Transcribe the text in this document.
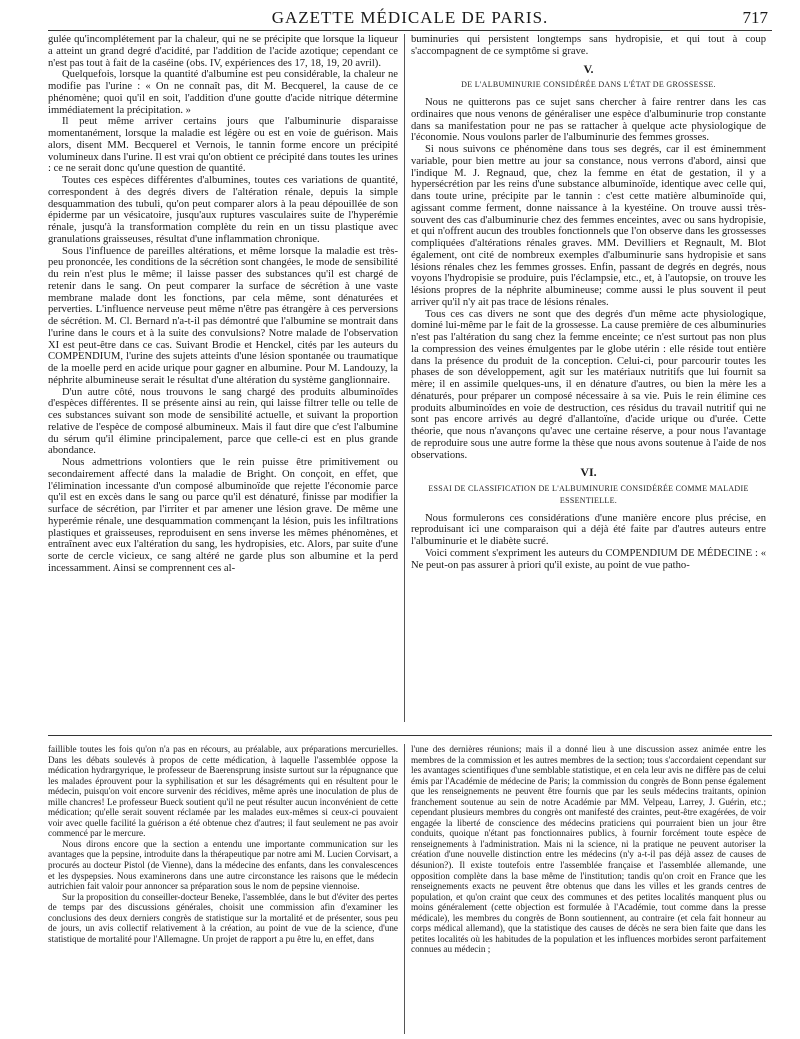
GAZETTE MÉDICALE DE PARIS.	717

gulée qu'incomplétement par la chaleur, qui ne se précipite que lorsque la liqueur a atteint un grand degré d'acidité, par l'addition de l'acide azotique; cependant ce n'est pas tout à fait de la caséine (obs. IV, expériences des 17, 18, 19, 20 avril).

Quelquefois, lorsque la quantité d'albumine est peu considérable, la chaleur ne modifie pas l'urine : « On ne connaît pas, dit M. Becquerel, la cause de ce phénomène; quoi qu'il en soit, l'addition d'une goutte d'acide nitrique détermine immédiatement la précipitation. »

Il peut même arriver certains jours que l'albuminurie disparaisse momentanément, lorsque la maladie est légère ou est en voie de guérison. Mais alors, disent MM. Becquerel et Vernois, le tannin forme encore un précipité volumineux dans l'urine. Il est vrai qu'on obtient ce précipité dans toutes les urines : ce ne serait donc qu'une question de quantité.

Toutes ces espèces différentes d'albumines, toutes ces variations de quantité, correspondent à des degrés divers de l'altération rénale, depuis la simple desquammation des tubuli, qu'on peut comparer alors à la peau dépouillée de son épiderme par un vésicatoire, jusqu'aux ruptures vasculaires suite de l'hyperémie rénale, jusqu'à la transformation complète du rein en un tissu plastique avec granulations graisseuses, résultat d'une inflammation chronique.

Sous l'influence de pareilles altérations, et même lorsque la maladie est très-peu prononcée, les conditions de la sécrétion sont changées, le mode de sensibilité du rein n'est plus le même; il laisse passer des substances qu'il est chargé de retenir dans le sang. On peut comparer la surface de sécrétion à une vaste membrane malade dont les fonctions, par cela même, sont dénaturées et perverties. L'influence nerveuse peut même n'être pas étrangère à ces perversions de sécrétion. M. Cl. Bernard n'a-t-il pas démontré que l'albumine se montrait dans l'urine dans le cours et à la suite des convulsions? Notre malade de l'observation XI est peut-être dans ce cas. Suivant Brodie et Henckel, cités par les auteurs du COMPENDIUM, l'urine des sujets atteints d'une lésion spontanée ou traumatique de la moelle perd en acide urique pour gagner en albumine. Pour M. Landouzy, la néphrite albumineuse serait le résultat d'une altération du système ganglionnaire.

D'un autre côté, nous trouvons le sang chargé des produits albuminoïdes d'espèces différentes. Il se présente ainsi au rein, qui laisse filtrer telle ou telle de ces substances suivant son mode de sensibilité actuelle, et suivant la proportion relative de l'espèce de composé albumineux. Mais il faut dire que c'est l'albumine du sérum qu'il élimine principalement, parce que celle-ci est en plus grande abondance.

Nous admettrions volontiers que le rein puisse être primitivement ou secondairement affecté dans la maladie de Bright. On conçoit, en effet, que l'élimination incessante d'un composé albuminoïde que rejette l'économie parce qu'il est en excès dans le sang ou parce qu'il est dénaturé, finisse par modifier la surface de sécrétion, par l'irriter et par amener une lésion grave. De même une hyperémie rénale, une desquammation commençant la lésion, puis les infiltrations plastiques et graisseuses, reproduisent en sens inverse les mêmes phénomènes, et entraînent avec eux l'altération du sang, les hydropisies, etc. Alors, par suite d'une sorte de cercle vicieux, ce sang altéré ne garde plus son albumine et la perd incessamment. Ainsi se comprennent ces al-

buminuries qui persistent longtemps sans hydropisie, et qui tout à coup s'accompagnent de ce symptôme si grave.

V.
DE L'ALBUMINURIE CONSIDÉRÉE DANS L'ÉTAT DE GROSSESSE.

Nous ne quitterons pas ce sujet sans chercher à faire rentrer dans les cas ordinaires que nous venons de généraliser une espèce d'albuminurie trop constante dans sa manifestation pour ne pas se rattacher à quelque acte physiologique de l'économie. Nous voulons parler de l'albuminurie des femmes grosses.

Si nous suivons ce phénomène dans tous ses degrés, car il est éminemment variable, pour bien mettre au jour sa constance, nous verrons d'abord, ainsi que l'indique M. J. Regnaud, que, chez la femme en état de gestation, il y a hypersécrétion par les reins d'une substance albuminoïde, identique avec celle qui, dans toute urine, précipite par le tannin : c'est cette matière albuminoïde qui, agissant comme ferment, donne naissance à la kyestéine. On trouve aussi très-souvent des cas d'albuminurie chez des femmes enceintes, avec ou sans hydropisie, et qui n'offrent aucun des troubles fonctionnels que l'on observe dans les grossesses compliquées d'altérations rénales graves. MM. Devilliers et Regnault, M. Blot également, ont cité de nombreux exemples d'albuminurie sans hydropisie et sans lésions rénales chez les femmes grosses. Enfin, passant de degrés en degrés, nous voyons l'hydropisie se produire, puis l'éclampsie, etc., et, à l'autopsie, on trouve les lésions propres de la néphrite albumineuse; comme aussi le plus souvent il peut arriver qu'il n'y ait pas trace de lésions rénales.

Tous ces cas divers ne sont que des degrés d'un même acte physiologique, dominé lui-même par le fait de la grossesse. La cause première de ces albuminuries n'est pas l'altération du sang chez la femme enceinte; ce n'est surtout pas non plus la compression des veines émulgentes par le globe utérin : elle réside tout entière dans la présence du produit de la conception. Celui-ci, pour parcourir toutes les phases de son développement, agit sur les matériaux nutritifs que lui fournit sa mère; il en assimile quelques-uns, il en dénature d'autres, ou bien la mère les a dénaturés, pour préparer un composé nécessaire à sa vie. Puis le rein élimine ces produits albuminoïdes en voie de destruction, ces résidus du travail nutritif qui ne sont pas encore arrivés au degré d'allantoïne, d'acide urique ou d'urée. Cette théorie, que nous n'avançons qu'avec une certaine réserve, a pour nous l'avantage de reproduire sous une autre forme la thèse que nous avons soutenue à l'aide de nos observations.

VI.
ESSAI DE CLASSIFICATION DE L'ALBUMINURIE CONSIDÉRÉE COMME MALADIE ESSENTIELLE.

Nous formulerons ces considérations d'une manière encore plus précise, en reproduisant ici une comparaison qui a déjà été faite par d'autres auteurs entre l'albuminurie et le diabète sucré.

Voici comment s'expriment les auteurs du COMPENDIUM DE MÉDECINE : « Ne peut-on pas assurer à priori qu'il existe, au point de vue patho-

faillible toutes les fois qu'on n'a pas en récours, au préalable, aux préparations mercurielles. Dans les débats soulevés à propos de cette médication, à laquelle l'assemblée oppose la médication hydrargyrique, le professeur de Baerensprung insiste surtout sur la répugnance que les malades éprouvent pour la syphilisation et sur les désagréments qui en résultent pour le médecin, puisqu'on voit encore survenir des récidives, même après une inoculation de plus de mille chancres! Le professeur Bueck soutient qu'il ne peut résulter aucun inconvénient de cette médication; qu'elle serait souvent réclamée par les malades eux-mêmes si ceux-ci pouvaient voir avec quelle facilité la guérison a été obtenue chez d'autres; il faut seulement ne pas avoir commencé par le mercure.

Nous dirons encore que la section a entendu une importante communication sur les avantages que la pepsine, introduite dans la thérapeutique par notre ami M. Lucien Corvisart, a procurés au docteur Pistol (de Vienne), dans la médecine des enfants, dans les convalescences et les dyspepsies. Nous examinerons dans une autre circonstance les raisons que le médecin autrichien fait valoir pour annoncer sa préparation sous le nom de pepsine viennoise.

Sur la proposition du conseiller-docteur Beneke, l'assemblée, dans le but d'éviter des pertes de temps par des discussions générales, choisit une commission afin d'examiner les conclusions des deux derniers congrès de statistique sur la mortalité et de présenter, sous peu de jours, un avis collectif relativement à la création, au point de vue de la science, d'une statistique de mortalité pour l'Allemagne. Un projet de rapport a pu être lu, en effet, dans

l'une des dernières réunions; mais il a donné lieu à une discussion assez animée entre les membres de la commission et les autres membres de la section; tous s'accordaient cependant sur les avantages scientifiques d'une semblable statistique, et en cela leur avis ne diffère pas de celui émis par l'Académie de médecine de Paris; la commission du congrès de Bonn pense également que les renseignements ne peuvent être fournis que par les seuls médecins traitants, opinion franchement soutenue au sein de notre Académie par MM. Velpeau, Larrey, J. Guérin, etc.; cependant plusieurs membres du congrès ont manifesté des craintes, peut-être exagérées, de voir engagée la liberté de conscience des médecins praticiens qui pourraient bien un jour être conduits, quoique n'étant pas fonctionnaires publics, à fournir forcément toute espèce de renseignements à l'administration. Mais ni la science, ni la pratique ne peuvent autoriser la création d'une nouvelle distinction entre les médecins (n'y a-t-il pas déjà assez de causes de désunion?). Il existe toutefois entre l'assemblée française et l'assemblée allemande, une opposition complète dans la base même de l'institution; tandis qu'on croit en France que les renseignements exacts ne peuvent être obtenus que dans les villes et les grands centres de population, et qu'on craint que ceux des communes et des petites localités manquent plus ou moins généralement (cette objection est formulée à l'Académie, tout comme dans la presse médicale), les membres du congrès de Bonn soutiennent, au contraire (et cela fait honneur au corps médical allemand), que la statistique des causes de décès ne sera bien faite que dans les petites localités où les habitudes de la population et les influences morbides seront parfaitement connues au médecin ;
